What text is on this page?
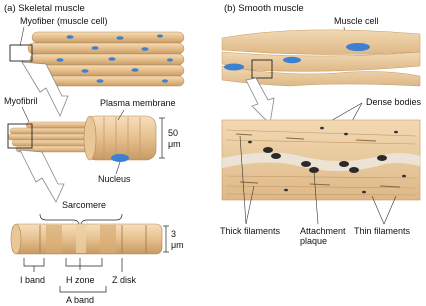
(a) Skeletal muscle
Myofiber (muscle cell)
Myofibril	Plasma membrane
Nucleus
50
μm
Sarcomere
3
μm
I band H zone
A band
Z disk
(b) Smooth muscle
Muscle cell
Dense bodies
Thick filaments Attachment
plaque
Thin filaments
